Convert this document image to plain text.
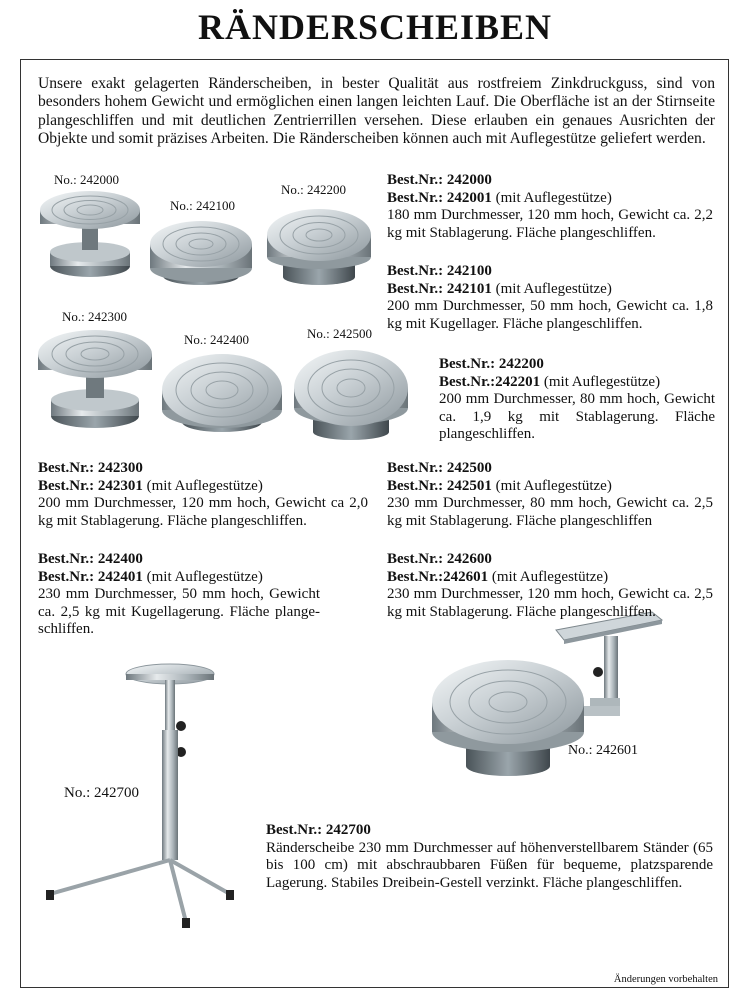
RÄNDERSCHEIBEN

Unsere exakt gelagerten Ränderscheiben, in bester Qualität aus rostfreiem Zinkdruckguss, sind von besonders hohem Gewicht und ermöglichen einen langen leichten Lauf. Die Oberfläche ist an der Stirnseite plangeschliffen und mit deutlichen Zentrierrillen versehen. Diese erlauben ein genaues Ausrichten der Objekte und somit präzises Arbeiten. Die Ränderscheiben können auch mit Auflegestütze geliefert werden.

No.: 242000
No.: 242100
No.: 242200
No.: 242300
No.: 242400	No.: 242500
No.: 242601
No.: 242700
Best.Nr.: 242000
Best.Nr.: 242001 (mit Auflegestütze)
180 mm Durchmesser, 120 mm hoch, Gewicht ca. 2,2 kg mit Stablagerung. Fläche plangeschliffen.
Best.Nr.: 242100
Best.Nr.: 242101 (mit Auflegestütze)
200 mm Durchmesser, 50 mm hoch, Gewicht ca. 1,8 kg mit Kugellager. Fläche plangeschliffen.
Best.Nr.: 242200
Best.Nr.:242201 (mit Auflegestütze)
200 mm Durchmesser, 80 mm hoch, Gewicht ca. 1,9 kg mit Stablagerung. Fläche plangeschliffen.
Best.Nr.: 242300
Best.Nr.: 242301 (mit Auflegestütze)
200 mm Durchmesser, 120 mm hoch, Gewicht ca 2,0 kg mit Stablagerung. Fläche plangeschliffen.
Best.Nr.: 242500
Best.Nr.: 242501 (mit Auflegestütze)
230 mm Durchmesser, 80 mm hoch, Gewicht ca. 2,5 kg mit Stablagerung. Fläche plangeschliffen
Best.Nr.: 242400
Best.Nr.: 242401 (mit Auflegestütze)
230 mm Durchmesser, 50 mm hoch, Gewicht ca. 2,5 kg mit Kugellagerung. Fläche plange- schliffen.
Best.Nr.: 242600
Best.Nr.:242601 (mit Auflegestütze)
230 mm Durchmesser, 120 mm hoch, Gewicht ca. 2,5 kg mit Stablagerung. Fläche plangeschliffen.
Best.Nr.: 242700
Ränderscheibe 230 mm Durchmesser auf höhenverstellbarem Ständer (65 bis 100 cm) mit abschraubbaren Füßen für bequeme, platzsparende Lagerung. Stabiles Dreibein-Gestell verzinkt. Fläche plangeschliffen.
Änderungen vorbehalten
